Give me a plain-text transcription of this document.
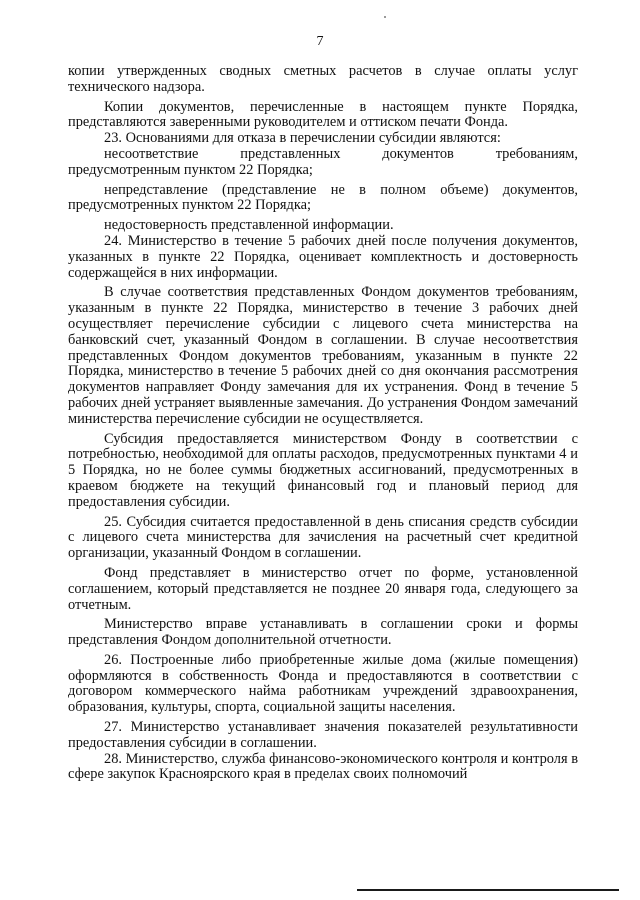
7

копии утвержденных сводных сметных расчетов в случае оплаты услуг технического надзора.

Копии документов, перечисленные в настоящем пункте Порядка, представляются заверенными руководителем и оттиском печати Фонда.

23. Основаниями для отказа в перечислении субсидии являются:

несоответствие представленных документов требованиям, предусмотренным пунктом 22 Порядка;

непредставление (представление не в полном объеме) документов, предусмотренных пунктом 22 Порядка;

недостоверность представленной информации.

24. Министерство в течение 5 рабочих дней после получения документов, указанных в пункте 22 Порядка, оценивает комплектность и достоверность содержащейся в них информации.

В случае соответствия представленных Фондом документов требованиям, указанным в пункте 22 Порядка, министерство в течение 3 рабочих дней осуществляет перечисление субсидии с лицевого счета министерства на банковский счет, указанный Фондом в соглашении. В случае несоответствия представленных Фондом документов требованиям, указанным в пункте 22 Порядка, министерство в течение 5 рабочих дней со дня окончания рассмотрения документов направляет Фонду замечания для их устранения. Фонд в течение 5 рабочих дней устраняет выявленные замечания. До устранения Фондом замечаний министерства перечисление субсидии не осуществляется.

Субсидия предоставляется министерством Фонду в соответствии с потребностью, необходимой для оплаты расходов, предусмотренных пунктами 4 и 5 Порядка, но не более суммы бюджетных ассигнований, предусмотренных в краевом бюджете на текущий финансовый год и плановый период для предоставления субсидии.

25. Субсидия считается предоставленной в день списания средств субсидии с лицевого счета министерства для зачисления на расчетный счет кредитной организации, указанный Фондом в соглашении.

Фонд представляет в министерство отчет по форме, установленной соглашением, который представляется не позднее 20 января года, следующего за отчетным.

Министерство вправе устанавливать в соглашении сроки и формы представления Фондом дополнительной отчетности.

26. Построенные либо приобретенные жилые дома (жилые помещения) оформляются в собственность Фонда и предоставляются в соответствии с договором коммерческого найма работникам учреждений здравоохранения, образования, культуры, спорта, социальной защиты населения.

27. Министерство устанавливает значения показателей результативности предоставления субсидии в соглашении.

28. Министерство, служба финансово-экономического контроля и контроля в сфере закупок Красноярского края в пределах своих полномочий
